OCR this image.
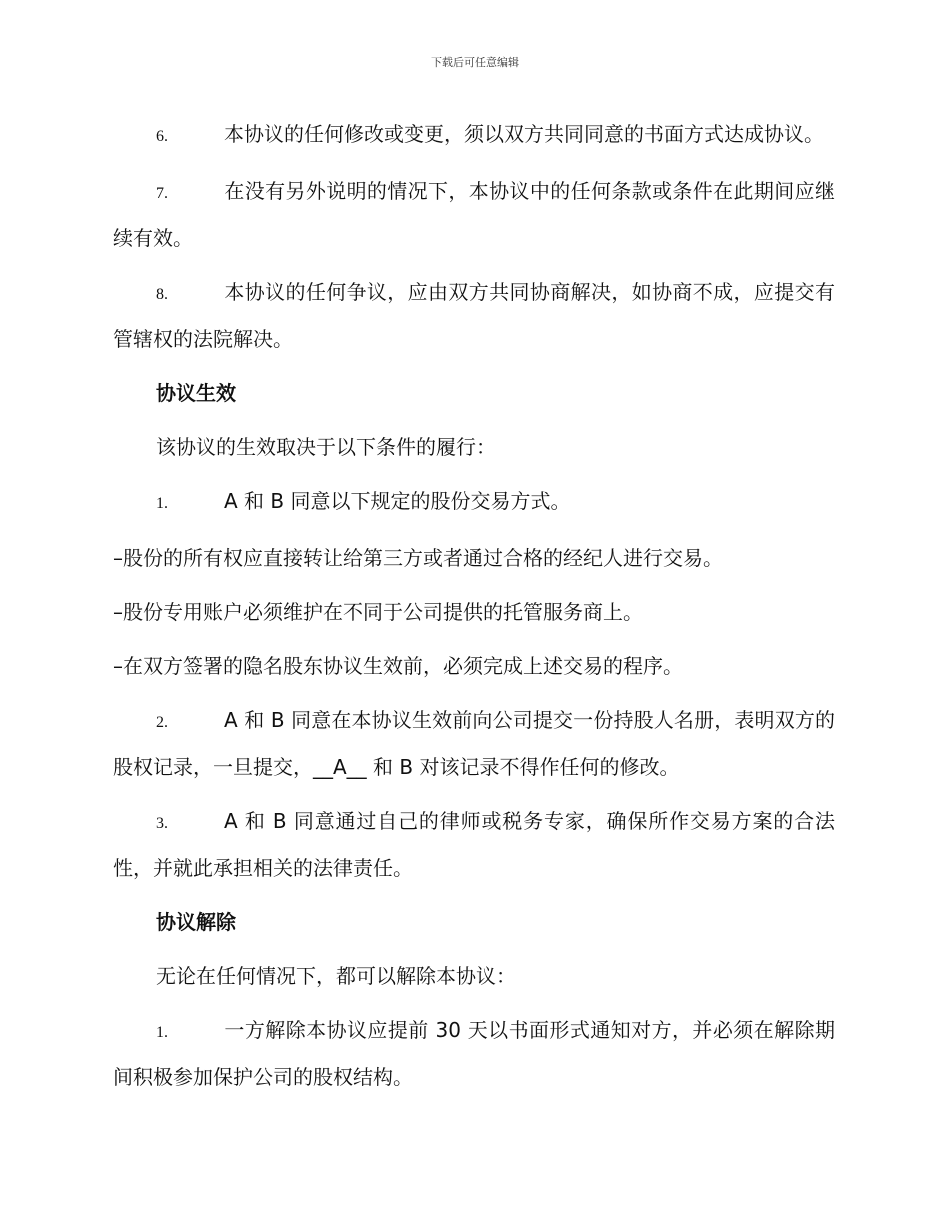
下载后可任意编辑

6.	本协议的任何修改或变更，须以双方共同同意的书面方式达成协议。

7.	在没有另外说明的情况下，本协议中的任何条款或条件在此期间应继续有效。

8.	本协议的任何争议，应由双方共同协商解决，如协商不成，应提交有管辖权的法院解决。

协议生效

该协议的生效取决于以下条件的履行：

1.	A 和 B 同意以下规定的股份交易方式。

–股份的所有权应直接转让给第三方或者通过合格的经纪人进行交易。

–股份专用账户必须维护在不同于公司提供的托管服务商上。

–在双方签署的隐名股东协议生效前，必须完成上述交易的程序。

2.	A 和 B 同意在本协议生效前向公司提交一份持股人名册，表明双方的股权记录，一旦提交，__A__ 和 B 对该记录不得作任何的修改。

3.	A 和 B 同意通过自己的律师或税务专家，确保所作交易方案的合法性，并就此承担相关的法律责任。

协议解除

无论在任何情况下，都可以解除本协议：

1.	一方解除本协议应提前 30 天以书面形式通知对方，并必须在解除期间积极参加保护公司的股权结构。
